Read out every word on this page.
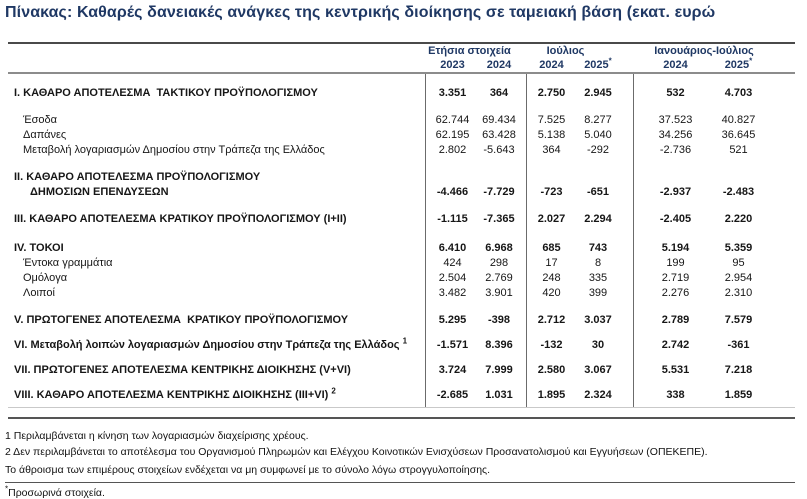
Πίνακας: Καθαρές δανειακές ανάγκες της κεντρικής διοίκησης σε ταμειακή βάση (εκατ. ευρώ
Ετήσια στοιχεία	Ιούλιος	Ιανουάριος-Ιούλιος
2023	2024	2024	2025*	2024	2025*
I. ΚΑΘΑΡΟ ΑΠΟΤΕΛΕΣΜΑ  ΤΑΚΤΙΚΟΥ ΠΡΟΫΠΟΛΟΓΙΣΜΟΥ	3.351	364	2.750	2.945	532	4.703
Έσοδα	62.744	69.434	7.525	8.277	37.523	40.827
Δαπάνες	62.195	63.428	5.138	5.040	34.256	36.645
Μεταβολή λογαριασμών Δημοσίου στην Τράπεζα της Ελλάδος	2.802	-5.643	364	-292	-2.736	521
II. ΚΑΘΑΡΟ ΑΠΟΤΕΛΕΣΜΑ ΠΡΟΫΠΟΛΟΓΙΣΜΟΥ
ΔΗΜΟΣΙΩΝ ΕΠΕΝΔΥΣΕΩΝ	-4.466	-7.729	-723	-651	-2.937	-2.483
III. ΚΑΘΑΡΟ ΑΠΟΤΕΛΕΣΜΑ ΚΡΑΤΙΚΟΥ ΠΡΟΫΠΟΛΟΓΙΣΜΟΥ (I+II)	-1.115	-7.365	2.027	2.294	-2.405	2.220
IV. ΤΟΚΟΙ	6.410	6.968	685	743	5.194	5.359
Έντοκα γραμμάτια	424	298	17	8	199	95
Ομόλογα	2.504	2.769	248	335	2.719	2.954
Λοιποί	3.482	3.901	420	399	2.276	2.310
V. ΠΡΩΤΟΓΕΝΕΣ ΑΠΟΤΕΛΕΣΜΑ  ΚΡΑΤΙΚΟΥ ΠΡΟΫΠΟΛΟΓΙΣΜΟΥ	5.295	-398	2.712	3.037	2.789	7.579
VI. Μεταβολή λοιπών λογαριασμών Δημοσίου στην Τράπεζα της Ελλάδος $^1$	-1.571	8.396	-132	30	2.742	-361
VII. ΠΡΩΤΟΓΕΝΕΣ ΑΠΟΤΕΛΕΣΜΑ ΚΕΝΤΡΙΚΗΣ ΔΙΟΙΚΗΣΗΣ (V+VI)	3.724	7.999	2.580	3.067	5.531	7.218
VIII. ΚΑΘΑΡΟ ΑΠΟΤΕΛΕΣΜΑ ΚΕΝΤΡΙΚΗΣ ΔΙΟΙΚΗΣΗΣ (III+VI) $^2$	-2.685	1.031	1.895	2.324	338	1.859
1 Περιλαμβάνεται η κίνηση των λογαριασμών διαχείρισης χρέους.
2 Δεν περιλαμβάνεται το αποτέλεσμα του Οργανισμού Πληρωμών και Ελέγχου Κοινοτικών Ενισχύσεων Προσανατολισμού και Εγγυήσεων (ΟΠΕΚΕΠΕ).
Το άθροισμα των επιμέρους στοιχείων ενδέχεται να μη συμφωνεί με το σύνολο λόγω στρογγυλοποίησης.
*Προσωρινά στοιχεία.
